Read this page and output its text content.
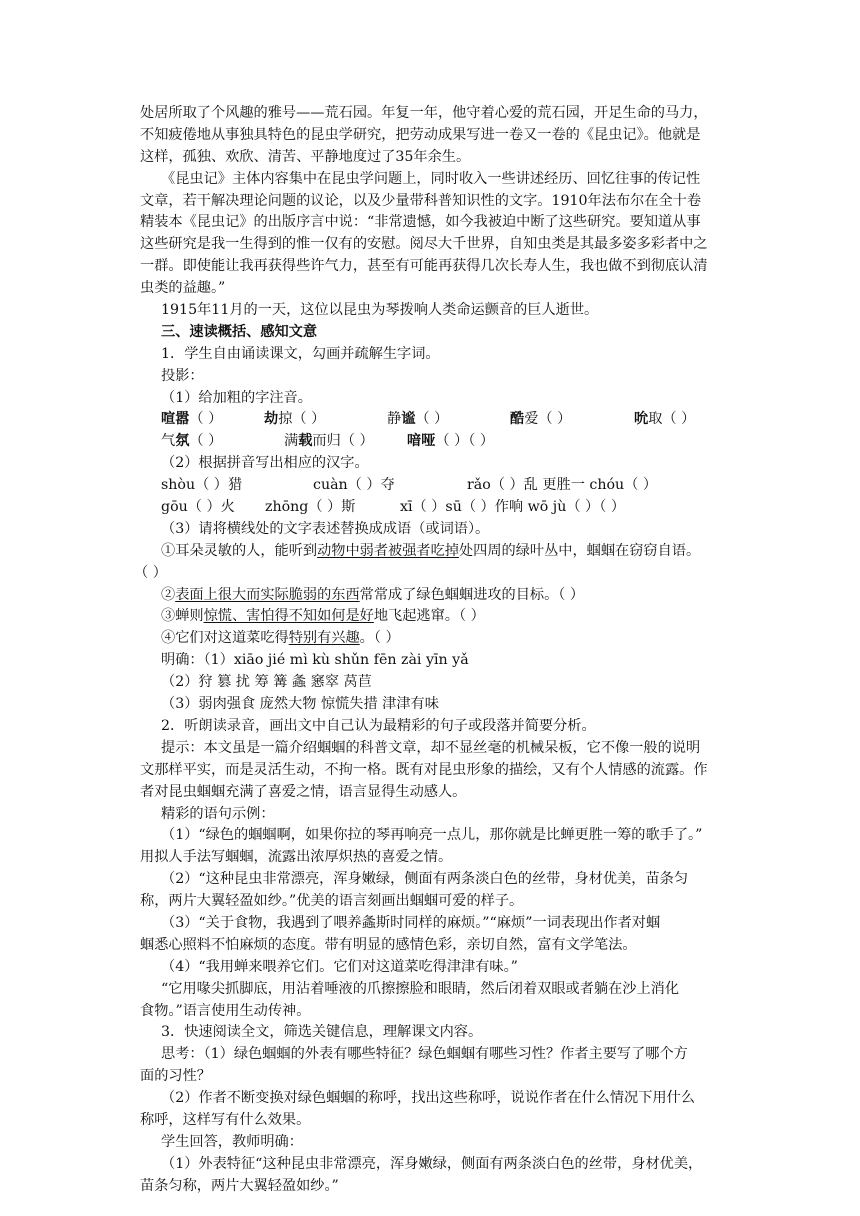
处居所取了个风趣的雅号——荒石园。年复一年，他守着心爱的荒石园，开足生命的马力，
不知疲倦地从事独具特色的昆虫学研究，把劳动成果写进一卷又一卷的《昆虫记》。他就是
这样，孤独、欢欣、清苦、平静地度过了35年余生。
《昆虫记》主体内容集中在昆虫学问题上，同时收入一些讲述经历、回忆往事的传记性
文章，若干解决理论问题的议论，以及少量带科普知识性的文字。1910年法布尔在全十卷
精装本《昆虫记》的出版序言中说：“非常遗憾，如今我被迫中断了这些研究。要知道从事
这些研究是我一生得到的惟一仅有的安慰。阅尽大千世界，自知虫类是其最多姿多彩者中之
一群。即使能让我再获得些许气力，甚至有可能再获得几次长寿人生，我也做不到彻底认清
虫类的益趣。”
1915年11月的一天，这位以昆虫为琴拨响人类命运颤音的巨人逝世。
三、速读概括、感知文意
1．学生自由诵读课文，勾画并疏解生字词。
投影：
（1）给加粗的字注音。
喧嚣（ ）	劫掠（ ）	静谧（ ）	酷爱（ ）	吮取（ ）
气氛（ ）	满载而归（ ） 喑哑（ ）（ ）
（2）根据拼音写出相应的汉字。
shòu（ ）猎	cuàn（ ）夺	rǎo（ ）乱 更胜一 chóu（ ）
gōu（ ）火 zhōng（ ）斯	xī（ ）sū（ ）作响 wō jù（ ）（ ）
（3）请将横线处的文字表述替换成成语（或词语）。
①耳朵灵敏的人，能听到动物中弱者被强者吃掉处四周的绿叶丛中，蝈蝈在窃窃自语。
（ ）
②表面上很大而实际脆弱的东西常常成了绿色蝈蝈进攻的目标。（ ）
③蝉则惊慌、害怕得不知如何是好地飞起逃窜。（ ）
④它们对这道菜吃得特别有兴趣。（ ）
明确：（1）xiāo jié mì kù shǔn fēn zài yīn yǎ
（2）狩 篡 扰 筹 篝 螽 窸窣 莴苣
（3）弱肉强食 庞然大物 惊慌失措 津津有味
2．听朗读录音，画出文中自己认为最精彩的句子或段落并简要分析。
提示：本文虽是一篇介绍蝈蝈的科普文章，却不显丝毫的机械呆板，它不像一般的说明
文那样平实，而是灵活生动，不拘一格。既有对昆虫形象的描绘，又有个人情感的流露。作
者对昆虫蝈蝈充满了喜爱之情，语言显得生动感人。
精彩的语句示例：
（1）“绿色的蝈蝈啊，如果你拉的琴再响亮一点儿，那你就是比蝉更胜一筹的歌手了。”
用拟人手法写蝈蝈，流露出浓厚炽热的喜爱之情。
（2）“这种昆虫非常漂亮，浑身嫩绿，侧面有两条淡白色的丝带，身材优美，苗条匀
称，两片大翼轻盈如纱。”优美的语言刻画出蝈蝈可爱的样子。
（3）“关于食物，我遇到了喂养螽斯时同样的麻烦。”“麻烦”一词表现出作者对蝈
蝈悉心照料不怕麻烦的态度。带有明显的感情色彩，亲切自然，富有文学笔法。
（4）“我用蝉来喂养它们。它们对这道菜吃得津津有味。”
“它用喙尖抓脚底，用沾着唾液的爪擦擦脸和眼睛，然后闭着双眼或者躺在沙上消化
食物。”语言使用生动传神。
3．快速阅读全文，筛选关键信息，理解课文内容。
思考：（1）绿色蝈蝈的外表有哪些特征？绿色蝈蝈有哪些习性？作者主要写了哪个方
面的习性？
（2）作者不断变换对绿色蝈蝈的称呼，找出这些称呼，说说作者在什么情况下用什么
称呼，这样写有什么效果。
学生回答，教师明确：
（1）外表特征“这种昆虫非常漂亮，浑身嫩绿，侧面有两条淡白色的丝带，身材优美，
苗条匀称，两片大翼轻盈如纱。”
